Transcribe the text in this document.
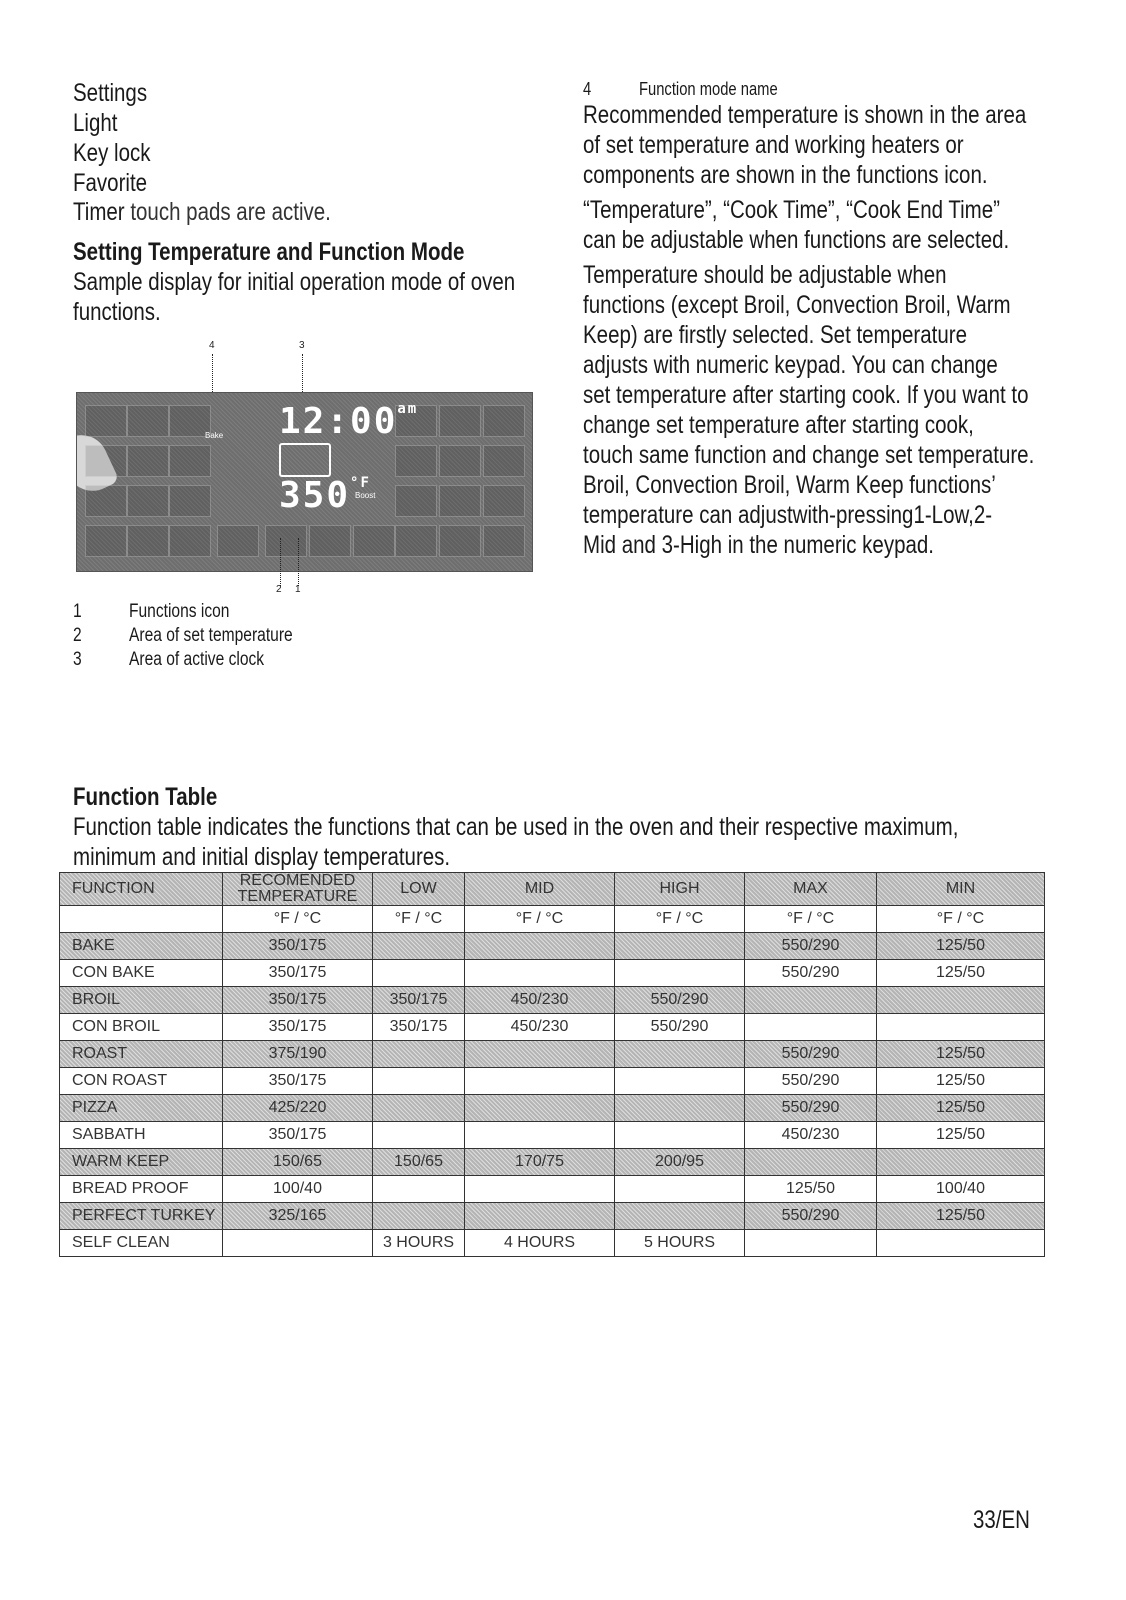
Settings
Light
Key lock
Favorite
Timer touch pads are active.
Setting Temperature and Function Mode
Sample display for initial operation mode of oven
functions.
4	3
Bake $12:00^{am}$
$350^{^\circ F}$
Boost
2 1
1	Functions icon
2	Area of set temperature
3	Area of active clock
4	Function mode name
Recommended temperature is shown in the area
of set temperature and working heaters or
components are shown in the functions icon.
“Temperature”, “Cook Time”, “Cook End Time”
can be adjustable when functions are selected.
Temperature should be adjustable when
functions (except Broil, Convection Broil, Warm
Keep) are firstly selected. Set temperature
adjusts with numeric keypad. You can change
set temperature after starting cook. If you want to
change set temperature after starting cook,
touch same function and change set temperature.
Broil, Convection Broil, Warm Keep functions’
temperature can adjustwith-pressing1-Low,2-
Mid and 3-High in the numeric keypad.
Function Table
Function table indicates the functions that can be used in the oven and their respective maximum,
minimum and initial display temperatures.
FUNCTION	RECOMENDED TEMPERATURE	LOW	MID	HIGH	MAX	MIN
	°F / °C	°F / °C	°F / °C	°F / °C	°F / °C	°F / °C
BAKE	350/175				550/290	125/50
CON BAKE	350/175				550/290	125/50
BROIL	350/175	350/175	450/230	550/290		
CON BROIL	350/175	350/175	450/230	550/290		
ROAST	375/190				550/290	125/50
CON ROAST	350/175				550/290	125/50
PIZZA	425/220				550/290	125/50
SABBATH	350/175				450/230	125/50
WARM KEEP	150/65	150/65	170/75	200/95		
BREAD PROOF	100/40				125/50	100/40
PERFECT TURKEY	325/165				550/290	125/50
SELF CLEAN		3 HOURS	4 HOURS	5 HOURS		
33/EN
